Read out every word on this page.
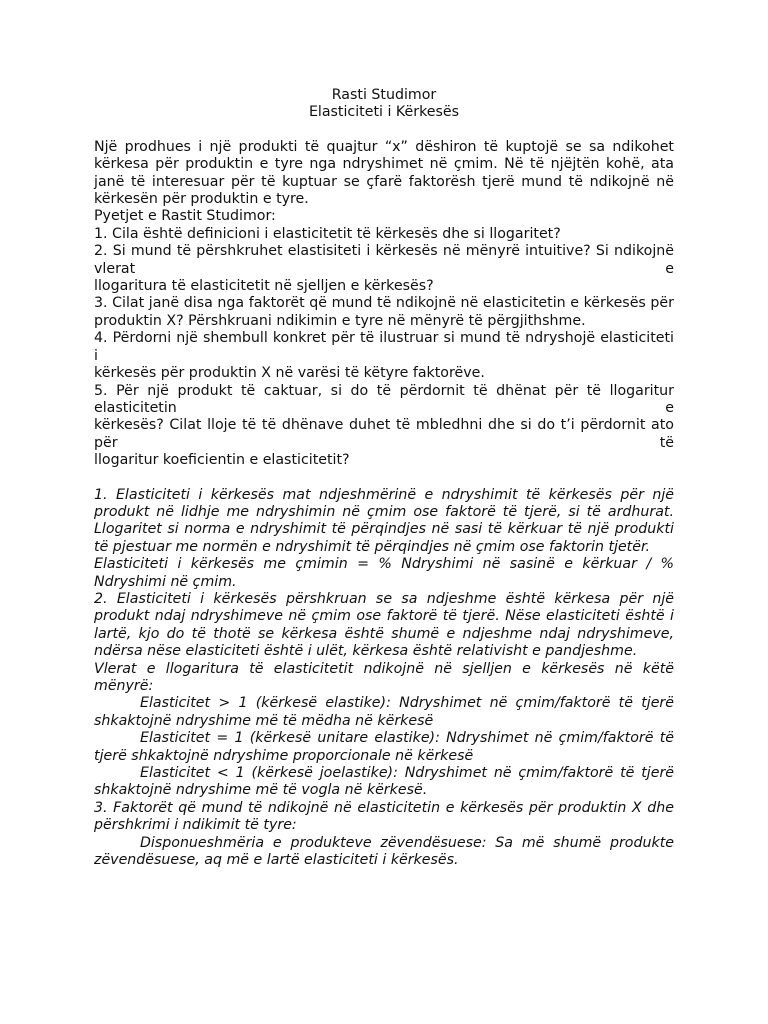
Rasti Studimor

Elasticiteti i Kërkesës

Një prodhues i një produkti të quajtur “x” dëshiron të kuptojë se sa ndikohet kërkesa për produktin e tyre nga ndryshimet në çmim. Në të njëjtën kohë, ata janë të interesuar për të kuptuar se çfarë faktorësh tjerë mund të ndikojnë në kërkesën për produktin e tyre.

Pyetjet e Rastit Studimor:

1. Cila është definicioni i elasticitetit të kërkesës dhe si llogaritet?

2. Si mund të përshkruhet elastisiteti i kërkesës në mënyrë intuitive? Si ndikojnë vlerat e

llogaritura të elasticitetit në sjelljen e kërkesës?

3. Cilat janë disa nga faktorët që mund të ndikojnë në elasticitetin e kërkesës për

produktin X? Përshkruani ndikimin e tyre në mënyrë të përgjithshme.

4. Përdorni një shembull konkret për të ilustruar si mund të ndryshojë elasticiteti i

kërkesës për produktin X në varësi të këtyre faktorëve.

5. Për një produkt të caktuar, si do të përdornit të dhënat për të llogaritur elasticitetin e

kërkesës? Cilat lloje të të dhënave duhet të mbledhni dhe si do t’i përdornit ato për të

llogaritur koeficientin e elasticitetit?

1. Elasticiteti i kërkesës mat ndjeshmërinë e ndryshimit të kërkesës për një produkt në lidhje me ndryshimin në çmim ose faktorë të tjerë, si të ardhurat. Llogaritet si norma e ndryshimit të përqindjes në sasi të kërkuar të një produkti të pjestuar me normën e ndryshimit të përqindjes në çmim ose faktorin tjetër.

Elasticiteti i kërkesës me çmimin = % Ndryshimi në sasinë e kërkuar / % Ndryshimi në çmim.

2. Elasticiteti i kërkesës përshkruan se sa ndjeshme është kërkesa për një produkt ndaj ndryshimeve në çmim ose faktorë të tjerë. Nëse elasticiteti është i lartë, kjo do të thotë se kërkesa është shumë e ndjeshme ndaj ndryshimeve, ndërsa nëse elasticiteti është i ulët, kërkesa është relativisht e pandjeshme.

Vlerat e llogaritura të elasticitetit ndikojnë në sjelljen e kërkesës në këtë mënyrë:

Elasticitet > 1 (kërkesë elastike): Ndryshimet në çmim/faktorë të tjerë shkaktojnë ndryshime më të mëdha në kërkesë

Elasticitet = 1 (kërkesë unitare elastike): Ndryshimet në çmim/faktorë të tjerë shkaktojnë ndryshime proporcionale në kërkesë

Elasticitet < 1 (kërkesë joelastike): Ndryshimet në çmim/faktorë të tjerë shkaktojnë ndryshime më të vogla në kërkesë.

3. Faktorët që mund të ndikojnë në elasticitetin e kërkesës për produktin X dhe përshkrimi i ndikimit të tyre:

Disponueshmëria e produkteve zëvendësuese: Sa më shumë produkte zëvendësuese, aq më e lartë elasticiteti i kërkesës.
